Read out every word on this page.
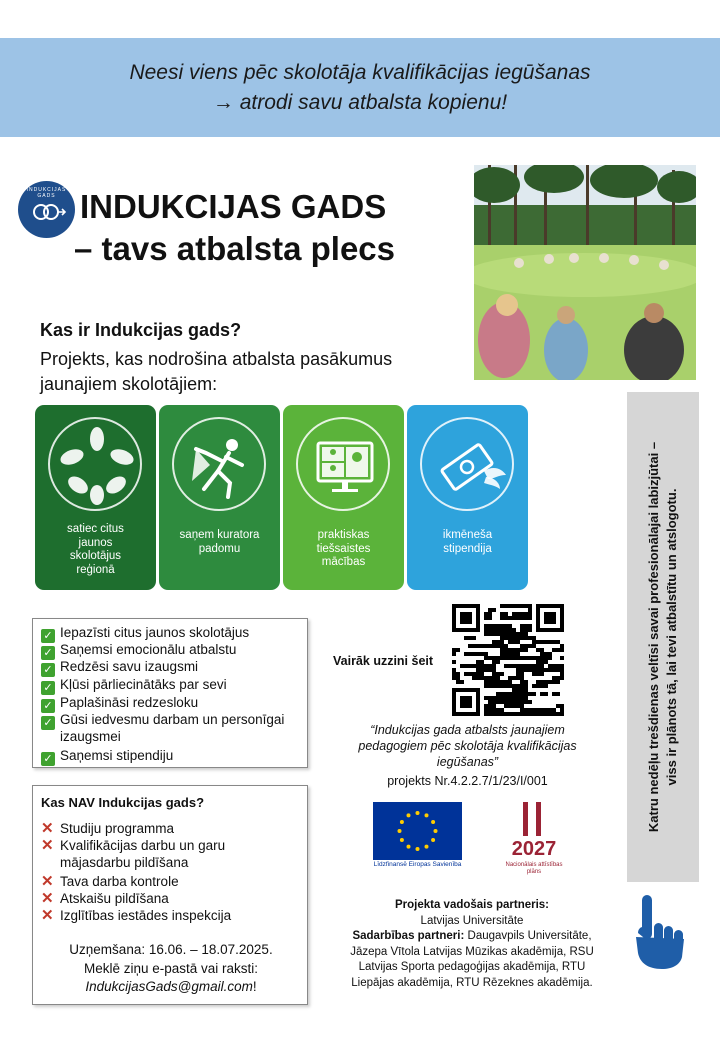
Neesi viens pēc skolotāja kvalifikācijas iegūšanas
→ atrodi savu atbalsta kopienu!
INDUKCIJAS GADS INDUKCIJAS GADS
– tavs atbalsta plecs
Kas ir Indukcijas gads?
Projekts, kas nodrošina atbalsta pasākumus jaunajiem skolotājiem:
satiec citus
jaunos
skolotājus
reģionā
saņem kuratora
padomu
praktiskas
tiešsaistes
mācības
ikmēneša
stipendija
✓ Iepazīsti citus jaunos skolotājus
✓ Saņemsi emocionālu atbalstu
✓ Redzēsi savu izaugsmi
✓ Kļūsi pārliecinātāks par sevi
✓ Paplašināsi redzesloku
✓ Gūsi iedvesmu darbam un personīgai
izaugsmei
✓ Saņemsi stipendiju
Kas NAV Indukcijas gads?
✕ Studiju programma
✕ Kvalifikācijas darbu un garu
mājasdarbu pildīšana
✕ Tava darba kontrole
✕ Atskaišu pildīšana
✕ Izglītības iestādes inspekcija
Uzņemšana: 16.06. – 18.07.2025.
Meklē ziņu e-pastā vai raksti:
IndukcijasGads@gmail.com!
Vairāk uzzini šeit
“Indukcijas gada atbalsts jaunajiem
pedagogiem pēc skolotāja kvalifikācijas
iegūšanas”
projekts Nr.4.2.2.7/1/23/I/001
Līdzfinansē Eiropas Savienība
2027
Nacionālais attīstības plāns
Projekta vadošais partneris:
Latvijas Universitāte
Sadarbības partneri: Daugavpils Universitāte,
Jāzepa Vītola Latvijas Mūzikas akadēmija, RSU
Latvijas Sporta pedagoģijas akadēmija, RTU
Liepājas akadēmija, RTU Rēzeknes akadēmija.
Katru nedēļu trešdienas veltīsi savai profesionālajai labizjūtai – viss ir plānots tā, lai tevi atbalstītu un atslogotu.
